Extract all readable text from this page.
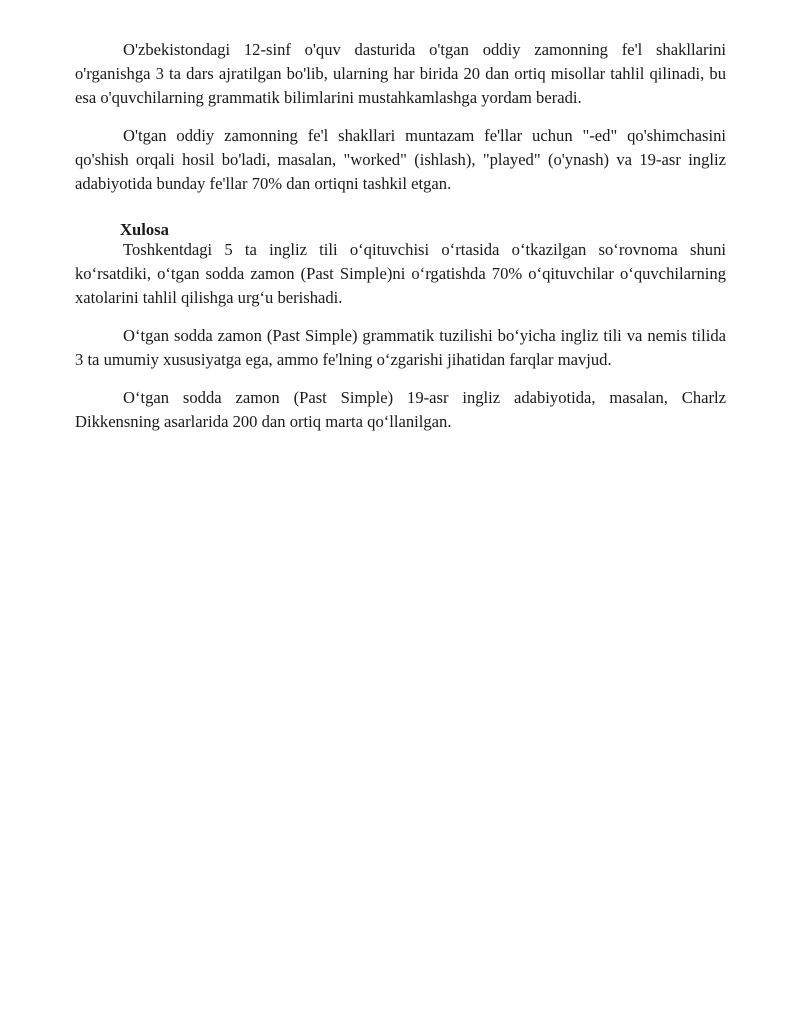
O'zbekistondagi 12-sinf o'quv dasturida o'tgan oddiy zamonning fe'l shakllarini o'rganishga 3 ta dars ajratilgan bo'lib, ularning har birida 20 dan ortiq misollar tahlil qilinadi, bu esa o'quvchilarning grammatik bilimlarini mustahkamlashga yordam beradi.

O'tgan oddiy zamonning fe'l shakllari muntazam fe'llar uchun "-ed" qo'shimchasini qo'shish orqali hosil bo'ladi, masalan, "worked" (ishlash), "played" (o'ynash) va 19-asr ingliz adabiyotida bunday fe'llar 70% dan ortiqni tashkil etgan.

Xulosa

Toshkentdagi 5 ta ingliz tili o‘qituvchisi o‘rtasida o‘tkazilgan so‘rovnoma shuni ko‘rsatdiki, o‘tgan sodda zamon (Past Simple)ni o‘rgatishda 70% o‘qituvchilar o‘quvchilarning xatolarini tahlil qilishga urg‘u berishadi.

O‘tgan sodda zamon (Past Simple) grammatik tuzilishi bo‘yicha ingliz tili va nemis tilida 3 ta umumiy xususiyatga ega, ammo fe'lning o‘zgarishi jihatidan farqlar mavjud.

O‘tgan sodda zamon (Past Simple) 19-asr ingliz adabiyotida, masalan, Charlz Dikkensning asarlarida 200 dan ortiq marta qo‘llanilgan.
